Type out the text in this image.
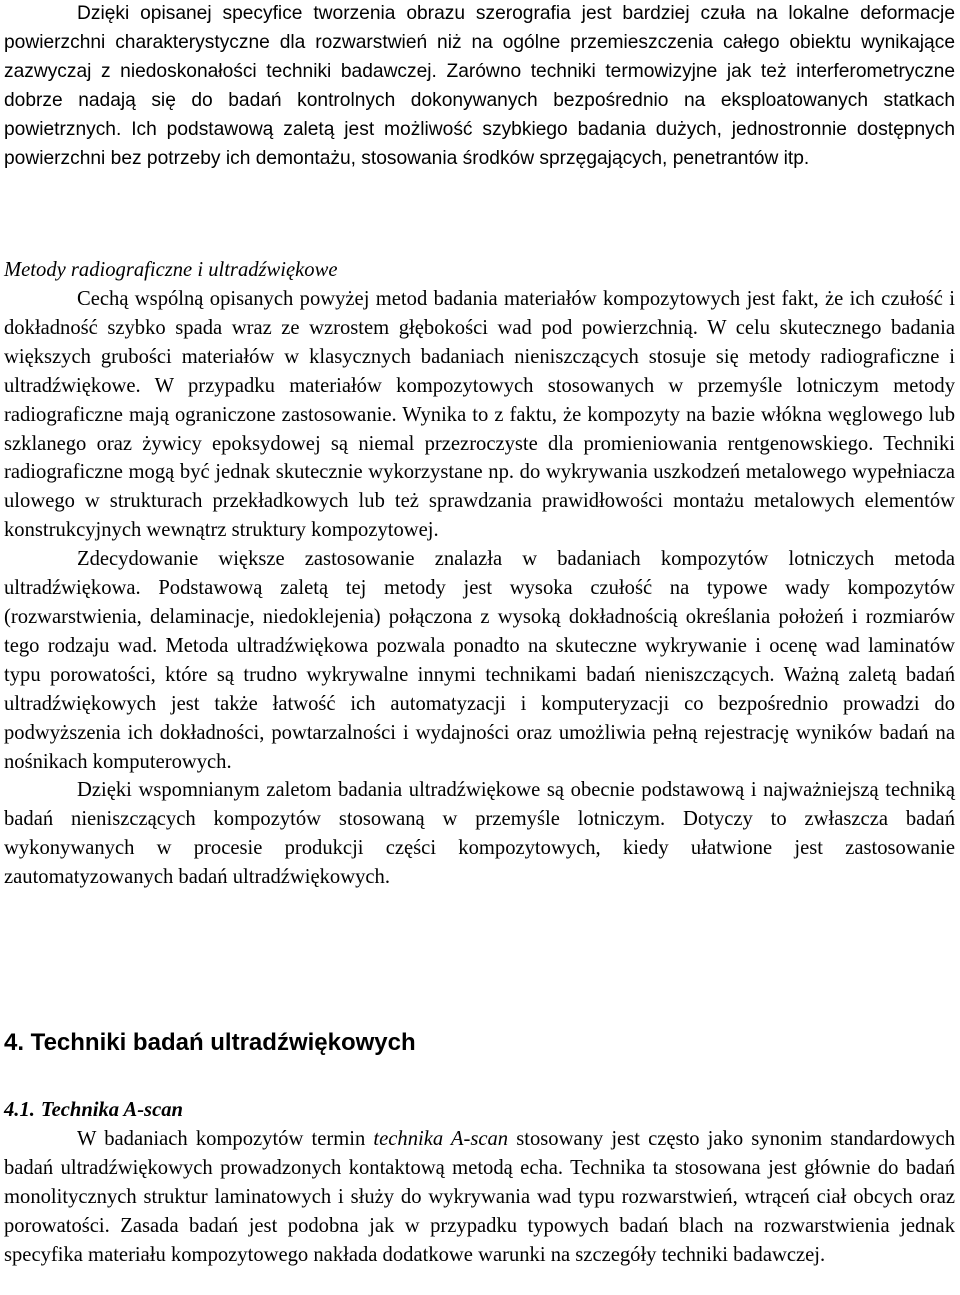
Dzięki opisanej specyfice tworzenia obrazu szerografia jest bardziej czuła na lokalne deformacje powierzchni charakterystyczne dla rozwarstwień niż na ogólne przemieszczenia całego obiektu wynikające zazwyczaj z niedoskonałości techniki badawczej. Zarówno techniki termowizyjne jak też interferometryczne dobrze nadają się do badań kontrolnych dokonywanych bezpośrednio na eksploatowanych statkach powietrznych. Ich podstawową zaletą jest możliwość szybkiego badania dużych, jednostronnie dostępnych powierzchni bez potrzeby ich demontażu, stosowania środków sprzęgających, penetrantów itp.

Metody radiograficzne i ultradźwiękowe

Cechą wspólną opisanych powyżej metod badania materiałów kompozytowych jest fakt, że ich czułość i dokładność szybko spada wraz ze wzrostem głębokości wad pod powierzchnią. W celu skutecznego badania większych grubości materiałów w klasycznych badaniach nieniszczących stosuje się metody radiograficzne i ultradźwiękowe. W przypadku materiałów kompozytowych stosowanych w przemyśle lotniczym metody radiograficzne mają ograniczone zastosowanie. Wynika to z faktu, że kompozyty na bazie włókna węglowego lub szklanego oraz żywicy epoksydowej są niemal przezroczyste dla promieniowania rentgenowskiego. Techniki radiograficzne mogą być jednak skutecznie wykorzystane np. do wykrywania uszkodzeń metalowego wypełniacza ulowego w strukturach przekładkowych lub też sprawdzania prawidłowości montażu metalowych elementów konstrukcyjnych wewnątrz struktury kompozytowej.

Zdecydowanie większe zastosowanie znalazła w badaniach kompozytów lotniczych metoda ultradźwiękowa. Podstawową zaletą tej metody jest wysoka czułość na typowe wady kompozytów (rozwarstwienia, delaminacje, niedoklejenia) połączona z wysoką dokładnością określania położeń i rozmiarów tego rodzaju wad. Metoda ultradźwiękowa pozwala ponadto na skuteczne wykrywanie i ocenę wad laminatów typu porowatości, które są trudno wykrywalne innymi technikami badań nieniszczących. Ważną zaletą badań ultradźwiękowych jest także łatwość ich automatyzacji i komputeryzacji co bezpośrednio prowadzi do podwyższenia ich dokładności, powtarzalności i wydajności oraz umożliwia pełną rejestrację wyników badań na nośnikach komputerowych.

Dzięki wspomnianym zaletom badania ultradźwiękowe są obecnie podstawową i najważniejszą techniką badań nieniszczących kompozytów stosowaną w przemyśle lotniczym. Dotyczy to zwłaszcza badań wykonywanych w procesie produkcji części kompozytowych, kiedy ułatwione jest zastosowanie zautomatyzowanych badań ultradźwiękowych.

4. Techniki badań ultradźwiękowych
4.1. Technika A-scan

W badaniach kompozytów termin technika A-scan stosowany jest często jako synonim standardowych badań ultradźwiękowych prowadzonych kontaktową metodą echa. Technika ta stosowana jest głównie do badań monolitycznych struktur laminatowych i służy do wykrywania wad typu rozwarstwień, wtrąceń ciał obcych oraz porowatości. Zasada badań jest podobna jak w przypadku typowych badań blach na rozwarstwienia jednak specyfika materiału kompozytowego nakłada dodatkowe warunki na szczegóły techniki badawczej.
